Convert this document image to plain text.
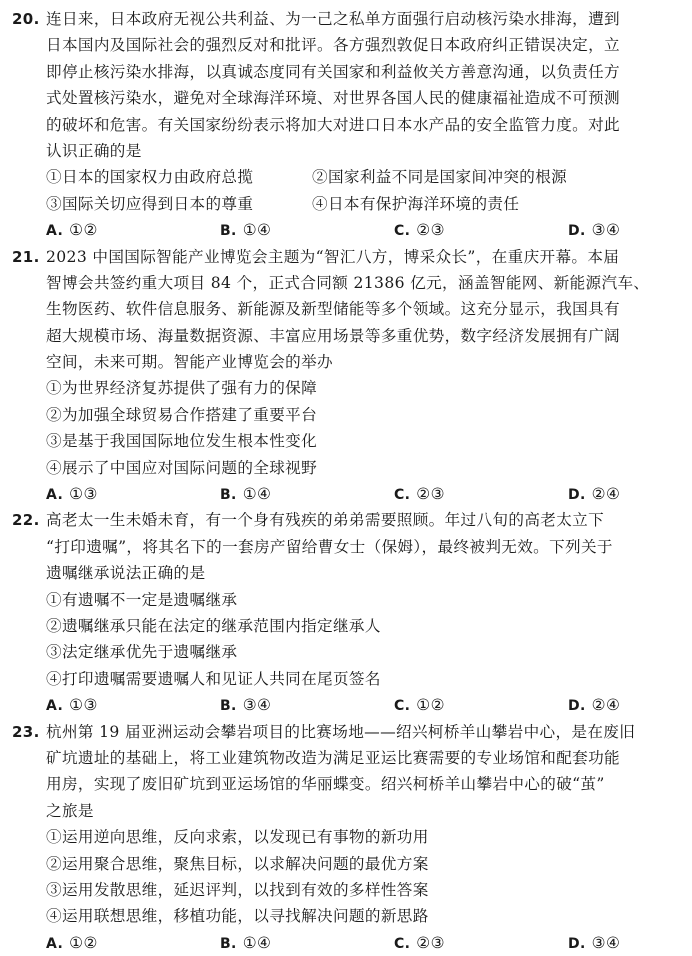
20. 连日来，日本政府无视公共利益、为一己之私单方面强行启动核污染水排海，遭到
日本国内及国际社会的强烈反对和批评。各方强烈敦促日本政府纠正错误决定，立
即停止核污染水排海，以真诚态度同有关国家和利益攸关方善意沟通，以负责任方
式处置核污染水，避免对全球海洋环境、对世界各国人民的健康福祉造成不可预测
的破坏和危害。有关国家纷纷表示将加大对进口日本水产品的安全监管力度。对此
认识正确的是
①日本的国家权力由政府总揽	②国家利益不同是国家间冲突的根源
③国际关切应得到日本的尊重	④日本有保护海洋环境的责任
A. ①②	B. ①④	C. ②③	D. ③④
21. 2023 中国国际智能产业博览会主题为“智汇八方，博采众长”，在重庆开幕。本届
智博会共签约重大项目 84 个，正式合同额 21386 亿元，涵盖智能网、新能源汽车、
生物医药、软件信息服务、新能源及新型储能等多个领域。这充分显示，我国具有
超大规模市场、海量数据资源、丰富应用场景等多重优势，数字经济发展拥有广阔
空间，未来可期。智能产业博览会的举办
①为世界经济复苏提供了强有力的保障
②为加强全球贸易合作搭建了重要平台
③是基于我国国际地位发生根本性变化
④展示了中国应对国际问题的全球视野
A. ①③	B. ①④	C. ②③	D. ②④
22. 高老太一生未婚未育，有一个身有残疾的弟弟需要照顾。年过八旬的高老太立下
“打印遗嘱”，将其名下的一套房产留给曹女士（保姆），最终被判无效。下列关于
遗嘱继承说法正确的是
①有遗嘱不一定是遗嘱继承
②遗嘱继承只能在法定的继承范围内指定继承人
③法定继承优先于遗嘱继承
④打印遗嘱需要遗嘱人和见证人共同在尾页签名
A. ①③	B. ③④	C. ①②	D. ②④
23. 杭州第 19 届亚洲运动会攀岩项目的比赛场地——绍兴柯桥羊山攀岩中心，是在废旧
矿坑遗址的基础上，将工业建筑物改造为满足亚运比赛需要的专业场馆和配套功能
用房，实现了废旧矿坑到亚运场馆的华丽蝶变。绍兴柯桥羊山攀岩中心的破“茧”
之旅是
①运用逆向思维，反向求索，以发现已有事物的新功用
②运用聚合思维，聚焦目标，以求解决问题的最优方案
③运用发散思维，延迟评判，以找到有效的多样性答案
④运用联想思维，移植功能，以寻找解决问题的新思路
A. ①②	B. ①④	C. ②③	D. ③④
